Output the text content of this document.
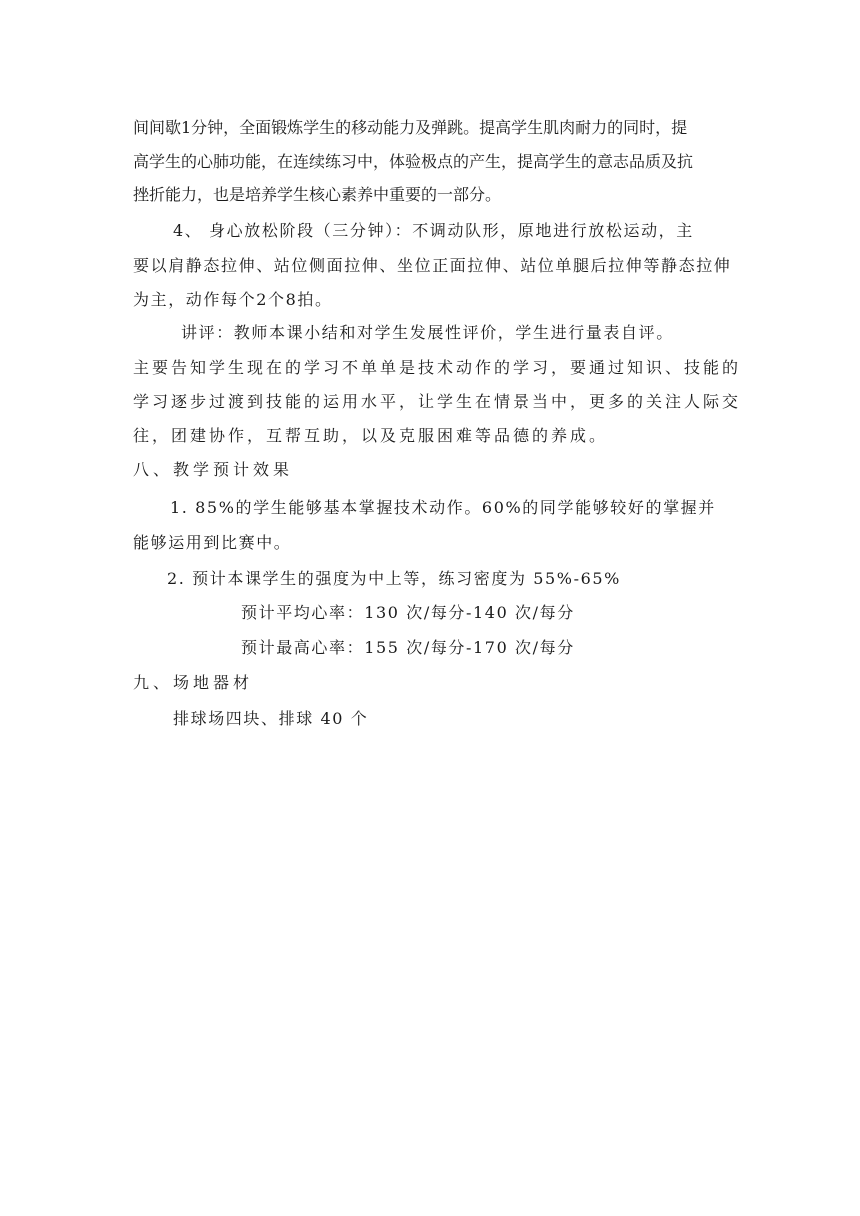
间间歇1分钟，全面锻炼学生的移动能力及弹跳。提高学生肌肉耐力的同时，提

高学生的心肺功能，在连续练习中，体验极点的产生，提高学生的意志品质及抗

挫折能力，也是培养学生核心素养中重要的一部分。

4、 身心放松阶段（三分钟）：不调动队形，原地进行放松运动，主

要以肩静态拉伸、站位侧面拉伸、坐位正面拉伸、站位单腿后拉伸等静态拉伸

为主，动作每个2个8拍。

讲评：教师本课小结和对学生发展性评价，学生进行量表自评。

主要告知学生现在的学习不单单是技术动作的学习，要通过知识、技能的

学习逐步过渡到技能的运用水平，让学生在情景当中，更多的关注人际交

往，团建协作，互帮互助，以及克服困难等品德的养成。

八、教学预计效果

1. 85%的学生能够基本掌握技术动作。60%的同学能够较好的掌握并

能够运用到比赛中。

2. 预计本课学生的强度为中上等，练习密度为 55%-65%

预计平均心率：130 次/每分-140 次/每分

预计最高心率：155 次/每分-170 次/每分

九、场地器材

排球场四块、排球 40 个
